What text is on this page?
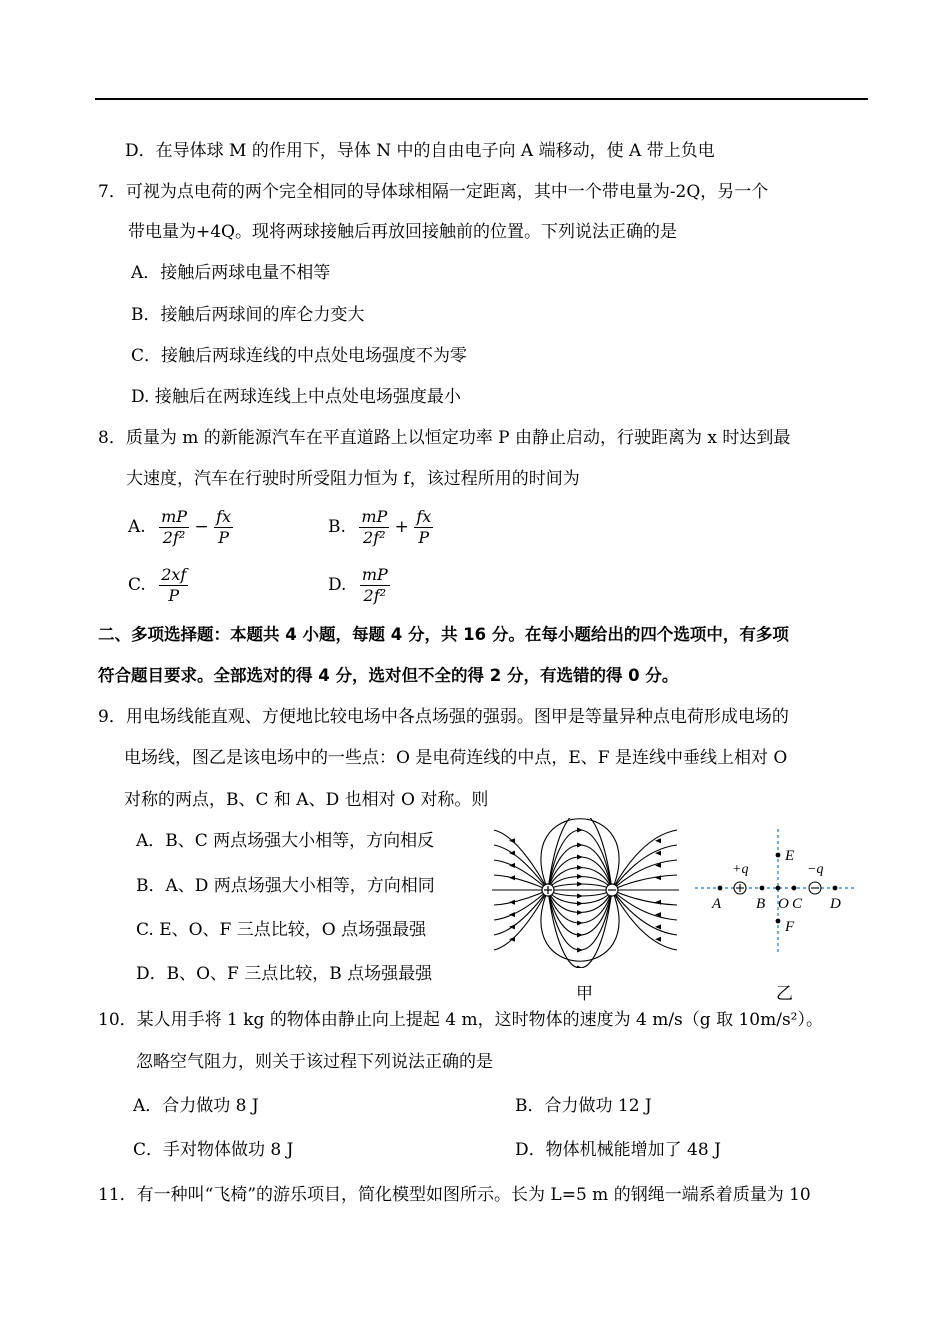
D．在导体球 M 的作用下，导体 N 中的自由电子向 A 端移动，使 A 带上负电
7．可视为点电荷的两个完全相同的导体球相隔一定距离，其中一个带电量为-2Q，另一个
带电量为+4Q。现将两球接触后再放回接触前的位置。下列说法正确的是
A．接触后两球电量不相等
B．接触后两球间的库仑力变大
C．接触后两球连线的中点处电场强度不为零
D. 接触后在两球连线上中点处电场强度最小
8．质量为 m 的新能源汽车在平直道路上以恒定功率 P 由静止启动，行驶距离为 x 时达到最
大速度，汽车在行驶时所受阻力恒为 f，该过程所用的时间为
A. $\frac{mP}{\text{2f²}} - \frac{fx}{P}$	B. $\frac{mP}{\text{2f²}} + \frac{fx}{P}$
C. $\frac{2xf}{P}$	D. $\frac{mP}{\text{2f²}}$
二、多项选择题：本题共 4 小题，每题 4 分，共 16 分。在每小题给出的四个选项中，有多项
符合题目要求。全部选对的得 4 分，选对但不全的得 2 分，有选错的得 0 分。
9．用电场线能直观、方便地比较电场中各点场强的强弱。图甲是等量异种点电荷形成电场的
电场线，图乙是该电场中的一些点：O 是电荷连线的中点，E、F 是连线中垂线上相对 O
对称的两点，B、C 和 A、D 也相对 O 对称。则
A．B、C 两点场强大小相等，方向相反
B．A、D 两点场强大小相等，方向相同
C. E、O、F 三点比较，O 点场强最强
D．B、O、F 三点比较，B 点场强最强
甲
+q	−q
A B O C D
E
F
乙
10．某人用手将 1 kg 的物体由静止向上提起 4 m，这时物体的速度为 4 m/s（g 取 10m/s²）。
忽略空气阻力，则关于该过程下列说法正确的是
A．合力做功 8 J	B．合力做功 12 J
C．手对物体做功 8 J	D．物体机械能增加了 48 J
11．有一种叫“飞椅”的游乐项目，简化模型如图所示。长为 L=5 m 的钢绳一端系着质量为 10
